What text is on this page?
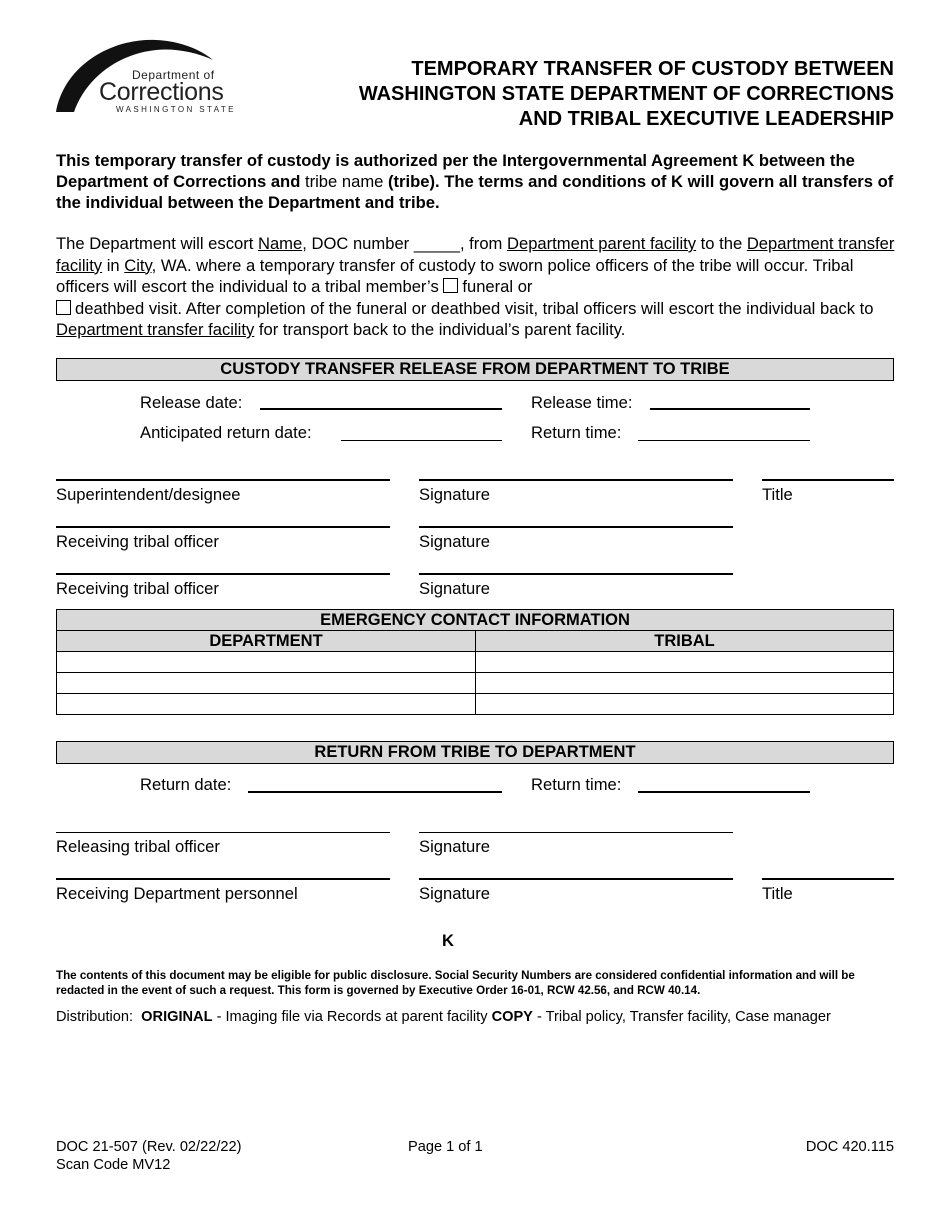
Department of
Corrections
WASHINGTON STATE
TEMPORARY TRANSFER OF CUSTODY BETWEEN
WASHINGTON STATE DEPARTMENT OF CORRECTIONS
AND TRIBAL EXECUTIVE LEADERSHIP
This temporary transfer of custody is authorized per the Intergovernmental Agreement K between the Department of Corrections and tribe name (tribe). The terms and conditions of K will govern all transfers of the individual between the Department and tribe.
The Department will escort Name, DOC number _____, from Department parent facility to the Department transfer facility in City, WA. where a temporary transfer of custody to sworn police officers of the tribe will occur. Tribal officers will escort the individual to a tribal member’s funeral or
deathbed visit. After completion of the funeral or deathbed visit, tribal officers will escort the individual back to Department transfer facility for transport back to the individual’s parent facility.
CUSTODY TRANSFER RELEASE FROM DEPARTMENT TO TRIBE
Release date:	Release time:
Anticipated return date:	Return time:
Superintendent/designee	Signature	Title
Receiving tribal officer	Signature
Receiving tribal officer	Signature
EMERGENCY CONTACT INFORMATION	
DEPARTMENT	TRIBAL

RETURN FROM TRIBE TO DEPARTMENT
Return date:	Return time:
Releasing tribal officer	Signature
Receiving Department personnel	Signature	Title
K
The contents of this document may be eligible for public disclosure. Social Security Numbers are considered confidential information and will be redacted in the event of such a request. This form is governed by Executive Order 16-01, RCW 42.56, and RCW 40.14.
Distribution: ORIGINAL - Imaging file via Records at parent facility COPY - Tribal policy, Transfer facility, Case manager
DOC 21-507 (Rev. 02/22/22)
Scan Code MV12
Page 1 of 1	DOC 420.115
